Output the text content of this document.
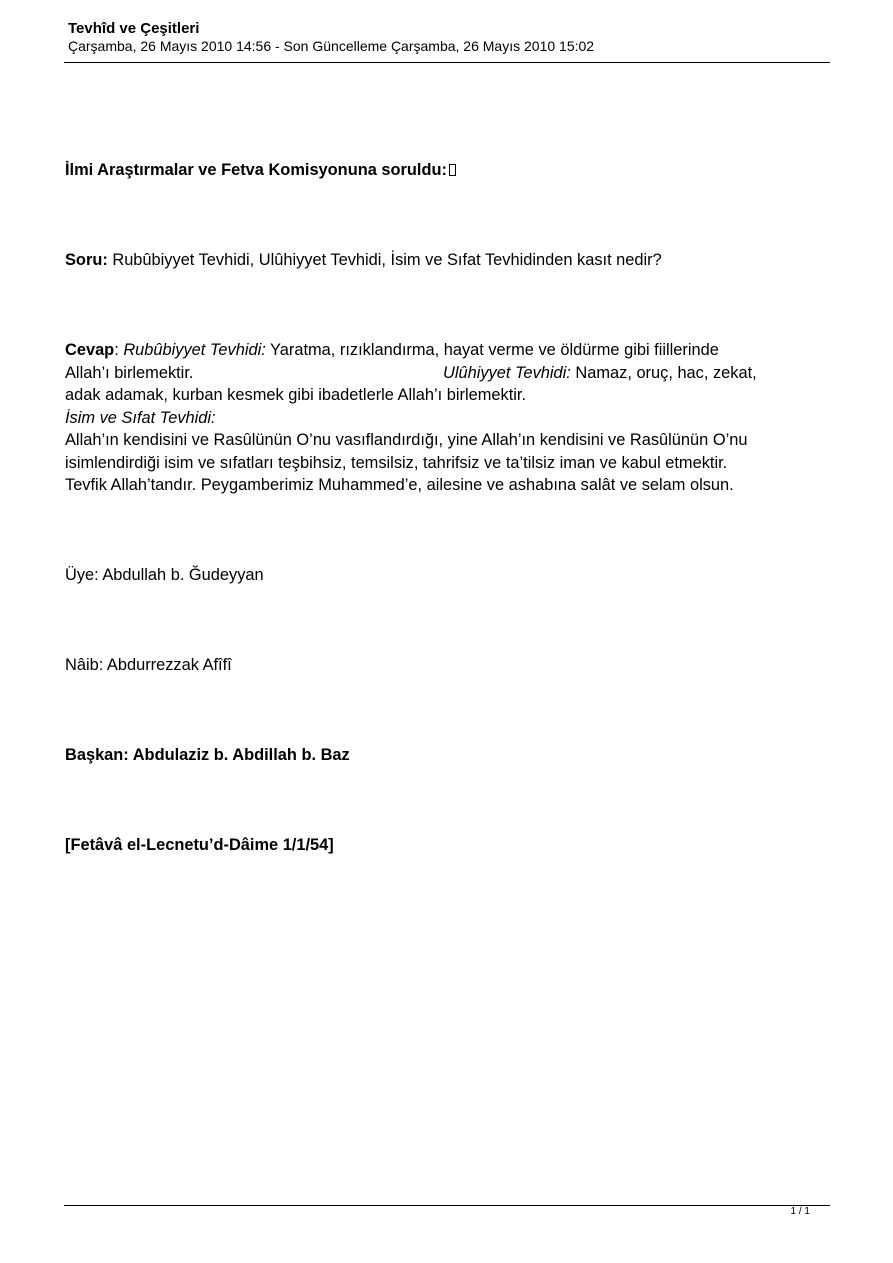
Tevhîd ve Çeşitleri
Çarşamba, 26 Mayıs 2010 14:56 - Son Güncelleme Çarşamba, 26 Mayıs 2010 15:02
İlmi Araştırmalar ve Fetva Komisyonuna soruldu:
Soru: Rubûbiyyet Tevhidi, Ulûhiyyet Tevhidi, İsim ve Sıfat Tevhidinden kasıt nedir?
Cevap: Rubûbiyyet Tevhidi: Yaratma, rızıklandırma, hayat verme ve öldürme gibi fiillerinde
Allah’ı birlemektir.	Ulûhiyyet Tevhidi: Namaz, oruç, hac, zekat,
adak adamak, kurban kesmek gibi ibadetlerle Allah’ı birlemektir.
İsim ve Sıfat Tevhidi:
Allah’ın kendisini ve Rasûlünün O’nu vasıflandırdığı, yine Allah’ın kendisini ve Rasûlünün O’nu
isimlendirdiği isim ve sıfatları teşbihsiz, temsilsiz, tahrifsiz ve ta’tilsiz iman ve kabul etmektir.
Tevfik Allah’tandır. Peygamberimiz Muhammed’e, ailesine ve ashabına salât ve selam olsun.
Üye: Abdullah b. Ğudeyyan
Nâib: Abdurrezzak Afîfî
Başkan: Abdulaziz b. Abdillah b. Baz
[Fetâvâ el-Lecnetu’d-Dâime 1/1/54]
1 / 1
